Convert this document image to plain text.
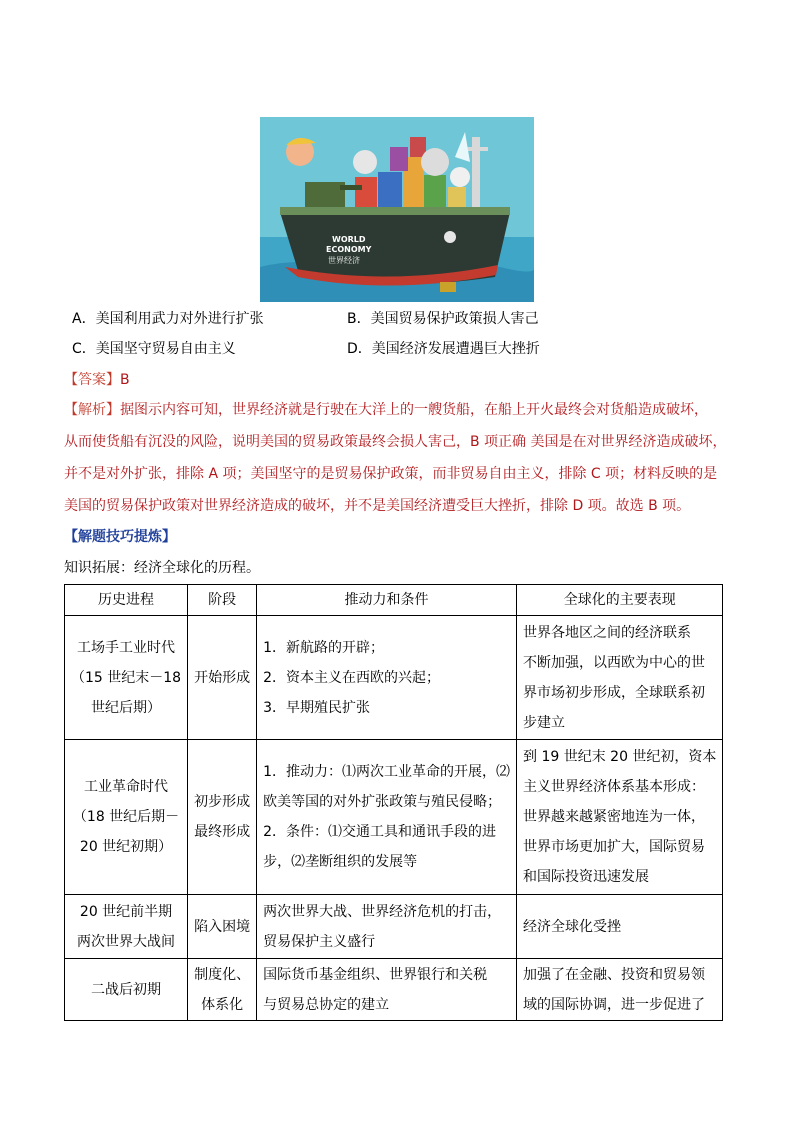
WORLD
ECONOMY
世界经济
A．美国利用武力对外进行扩张	B．美国贸易保护政策损人害己
C．美国坚守贸易自由主义	D．美国经济发展遭遇巨大挫折
【答案】B
【解析】据图示内容可知，世界经济就是行驶在大洋上的一艘货船，在船上开火最终会对货船造成破坏，
从而使货船有沉没的风险，说明美国的贸易政策最终会损人害己，B 项正确 美国是在对世界经济造成破坏，
并不是对外扩张，排除 A 项；美国坚守的是贸易保护政策，而非贸易自由主义，排除 C 项；材料反映的是
美国的贸易保护政策对世界经济造成的破坏，并不是美国经济遭受巨大挫折，排除 D 项。故选 B 项。
【解题技巧提炼】
知识拓展：经济全球化的历程。
历史进程	阶段	推动力和条件	全球化的主要表现

工场手工业时代
（15 世纪末－18
世纪后期）	开始形成	1．新航路的开辟；
2．资本主义在西欧的兴起；
3．早期殖民扩张	世界各地区之间的经济联系
不断加强，以西欧为中心的世
界市场初步形成，全球联系初
步建立

工业革命时代
（18 世纪后期－
20 世纪初期）	初步形成
最终形成	1．推动力：⑴两次工业革命的开展，⑵
欧美等国的对外扩张政策与殖民侵略；
2．条件：⑴交通工具和通讯手段的进
步，⑵垄断组织的发展等	到 19 世纪末 20 世纪初，资本
主义世界经济体系基本形成：
世界越来越紧密地连为一体，
世界市场更加扩大，国际贸易
和国际投资迅速发展

20 世纪前半期
两次世界大战间	陷入困境	两次世界大战、世界经济危机的打击，
贸易保护主义盛行	经济全球化受挫

二战后初期	制度化、
体系化	国际货币基金组织、世界银行和关税
与贸易总协定的建立	加强了在金融、投资和贸易领
域的国际协调，进一步促进了
